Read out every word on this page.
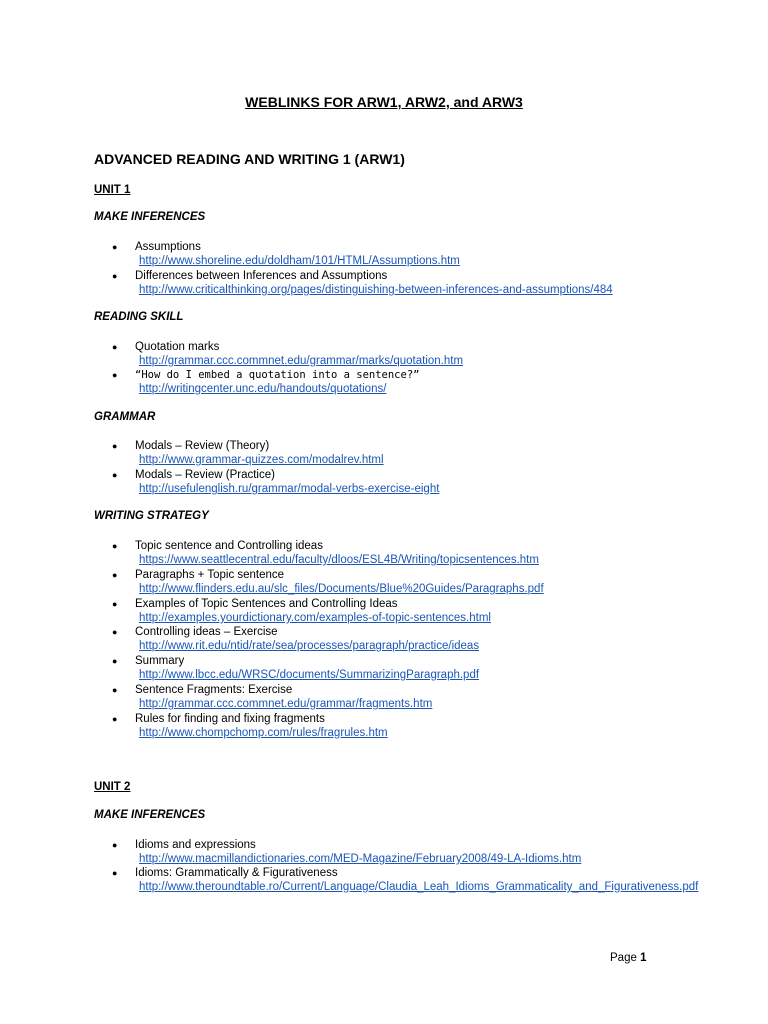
WEBLINKS FOR ARW1, ARW2, and ARW3
ADVANCED READING AND WRITING 1 (ARW1)
UNIT 1
MAKE INFERENCES
● Assumptions
http://www.shoreline.edu/doldham/101/HTML/Assumptions.htm
● Differences between Inferences and Assumptions
http://www.criticalthinking.org/pages/distinguishing-between-inferences-and-assumptions/484
READING SKILL
● Quotation marks
http://grammar.ccc.commnet.edu/grammar/marks/quotation.htm
● “How do I embed a quotation into a sentence?”
http://writingcenter.unc.edu/handouts/quotations/
GRAMMAR
● Modals – Review (Theory)
http://www.grammar-quizzes.com/modalrev.html
● Modals – Review (Practice)
http://usefulenglish.ru/grammar/modal-verbs-exercise-eight
WRITING STRATEGY
● Topic sentence and Controlling ideas
https://www.seattlecentral.edu/faculty/dloos/ESL4B/Writing/topicsentences.htm
● Paragraphs + Topic sentence
http://www.flinders.edu.au/slc_files/Documents/Blue%20Guides/Paragraphs.pdf
● Examples of Topic Sentences and Controlling Ideas
http://examples.yourdictionary.com/examples-of-topic-sentences.html
● Controlling ideas – Exercise
http://www.rit.edu/ntid/rate/sea/processes/paragraph/practice/ideas
● Summary
http://www.lbcc.edu/WRSC/documents/SummarizingParagraph.pdf
● Sentence Fragments: Exercise
http://grammar.ccc.commnet.edu/grammar/fragments.htm
● Rules for finding and fixing fragments
http://www.chompchomp.com/rules/fragrules.htm
UNIT 2
MAKE INFERENCES
● Idioms and expressions
http://www.macmillandictionaries.com/MED-Magazine/February2008/49-LA-Idioms.htm
● Idioms: Grammatically & Figurativeness
http://www.theroundtable.ro/Current/Language/Claudia_Leah_Idioms_Grammaticality_and_Figurativeness.pdf
Page 1
